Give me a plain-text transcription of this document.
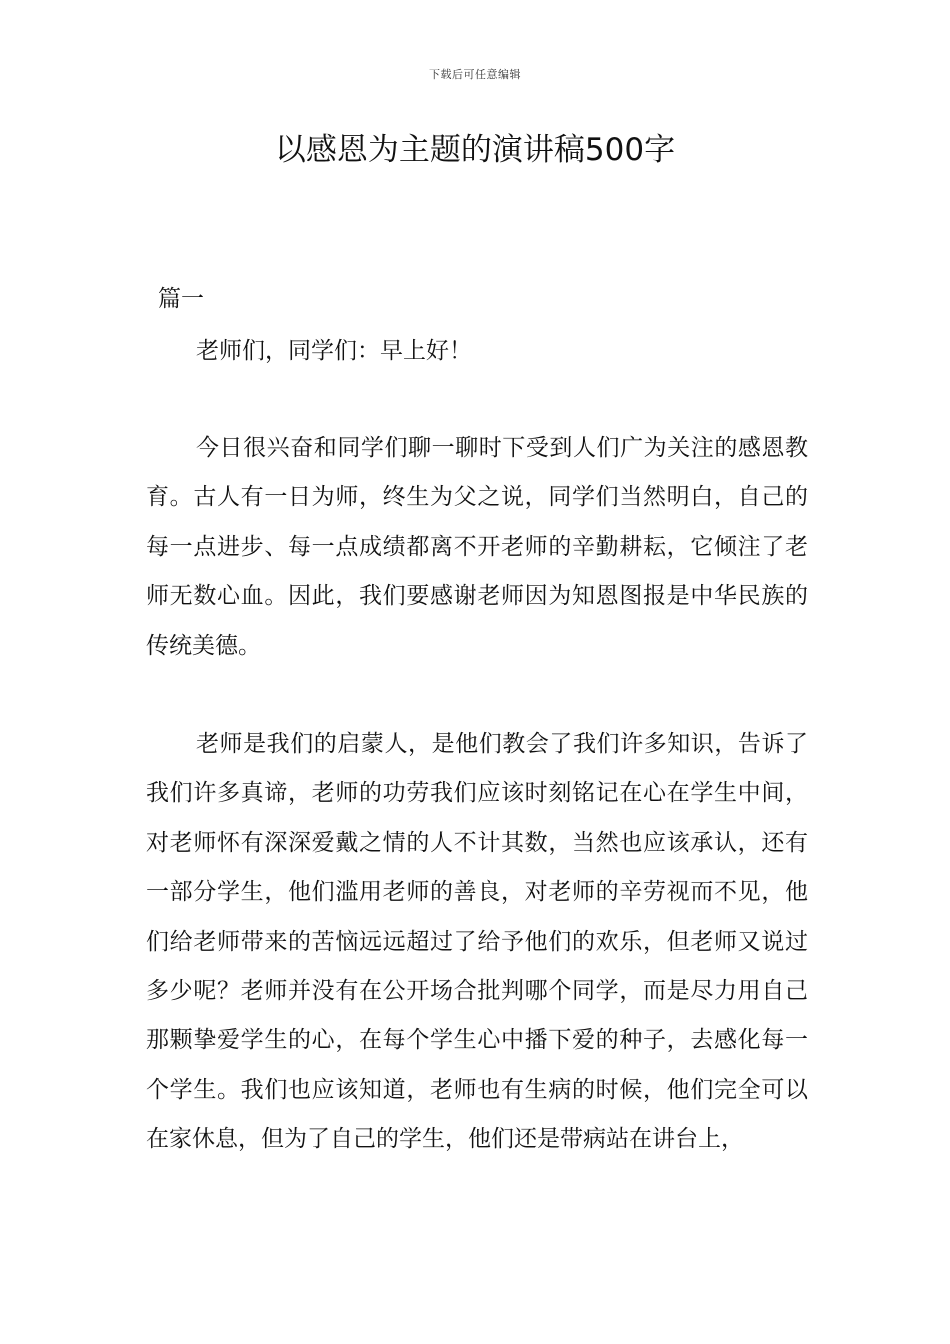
下载后可任意编辑
以感恩为主题的演讲稿500字
篇一
老师们，同学们：早上好！

今日很兴奋和同学们聊一聊时下受到人们广为关注的感恩教育。古人有一日为师，终生为父之说，同学们当然明白，自己的每一点进步、每一点成绩都离不开老师的辛勤耕耘，它倾注了老师无数心血。因此，我们要感谢老师因为知恩图报是中华民族的传统美德。

老师是我们的启蒙人，是他们教会了我们许多知识，告诉了我们许多真谛，老师的功劳我们应该时刻铭记在心在学生中间，对老师怀有深深爱戴之情的人不计其数，当然也应该承认，还有一部分学生，他们滥用老师的善良，对老师的辛劳视而不见，他们给老师带来的苦恼远远超过了给予他们的欢乐，但老师又说过多少呢？老师并没有在公开场合批判哪个同学，而是尽力用自己那颗挚爱学生的心，在每个学生心中播下爱的种子，去感化每一个学生。我们也应该知道，老师也有生病的时候，他们完全可以在家休息，但为了自己的学生，他们还是带病站在讲台上，
